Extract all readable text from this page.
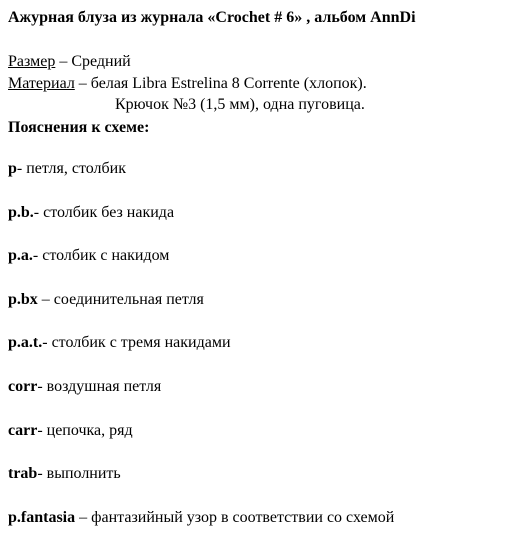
Ажурная блуза из журнала «Crochet # 6» , альбом AnnDi
Размер – Средний
Материал – белая Libra Estrelina 8 Corrente (хлопок).
Крючок №3 (1,5 мм), одна пуговица.
Пояснения к схеме:
p- петля, столбик
p.b.- столбик без накида
p.a.- столбик с накидом
p.bx – соединительная петля
p.a.t.- столбик с тремя накидами
corr- воздушная петля
carr- цепочка, ряд
trab- выполнить
p.fantasia – фантазийный узор в соответствии со схемой
